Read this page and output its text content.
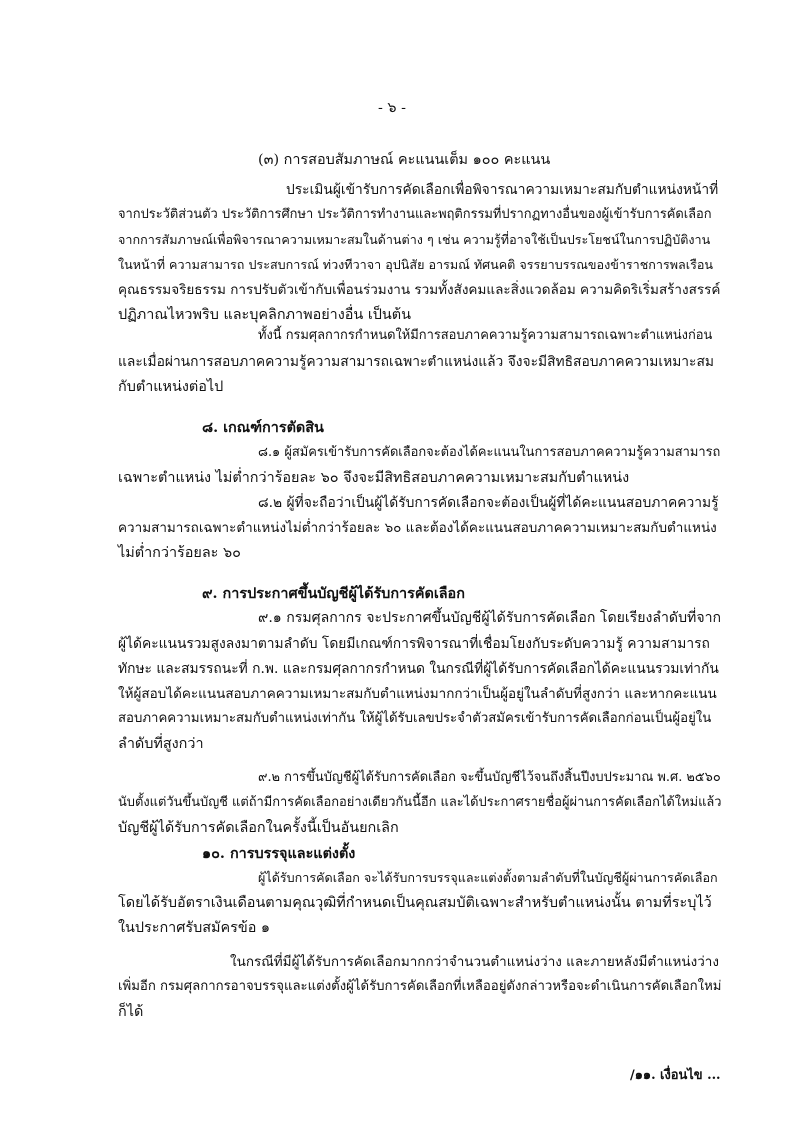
- ๖ -
(๓) การสอบสัมภาษณ์ คะแนนเต็ม ๑๐๐ คะแนน
ประเมินผู้เข้ารับการคัดเลือกเพื่อพิจารณาความเหมาะสมกับตำแหน่งหน้าที่
จากประวัติส่วนตัว ประวัติการศึกษา ประวัติการทำงานและพฤติกรรมที่ปรากฏทางอื่นของผู้เข้ารับการคัดเลือก
จากการสัมภาษณ์เพื่อพิจารณาความเหมาะสมในด้านต่าง ๆ เช่น ความรู้ที่อาจใช้เป็นประโยชน์ในการปฏิบัติงาน
ในหน้าที่ ความสามารถ ประสบการณ์ ท่วงทีวาจา อุปนิสัย อารมณ์ ทัศนคติ จรรยาบรรณของข้าราชการพลเรือน
คุณธรรมจริยธรรม การปรับตัวเข้ากับเพื่อนร่วมงาน รวมทั้งสังคมและสิ่งแวดล้อม ความคิดริเริ่มสร้างสรรค์
ปฏิภาณไหวพริบ และบุคลิกภาพอย่างอื่น เป็นต้น
ทั้งนี้ กรมศุลกากรกำหนดให้มีการสอบภาคความรู้ความสามารถเฉพาะตำแหน่งก่อน
และเมื่อผ่านการสอบภาคความรู้ความสามารถเฉพาะตำแหน่งแล้ว จึงจะมีสิทธิสอบภาคความเหมาะสม
กับตำแหน่งต่อไป
๘. เกณฑ์การตัดสิน
๘.๑ ผู้สมัครเข้ารับการคัดเลือกจะต้องได้คะแนนในการสอบภาคความรู้ความสามารถ
เฉพาะตำแหน่ง ไม่ต่ำกว่าร้อยละ ๖๐ จึงจะมีสิทธิสอบภาคความเหมาะสมกับตำแหน่ง
๘.๒ ผู้ที่จะถือว่าเป็นผู้ได้รับการคัดเลือกจะต้องเป็นผู้ที่ได้คะแนนสอบภาคความรู้
ความสามารถเฉพาะตำแหน่งไม่ต่ำกว่าร้อยละ ๖๐ และต้องได้คะแนนสอบภาคความเหมาะสมกับตำแหน่ง
ไม่ต่ำกว่าร้อยละ ๖๐
๙. การประกาศขึ้นบัญชีผู้ได้รับการคัดเลือก
๙.๑ กรมศุลกากร จะประกาศขึ้นบัญชีผู้ได้รับการคัดเลือก โดยเรียงลำดับที่จาก
ผู้ได้คะแนนรวมสูงลงมาตามลำดับ โดยมีเกณฑ์การพิจารณาที่เชื่อมโยงกับระดับความรู้ ความสามารถ
ทักษะ และสมรรถนะที่ ก.พ. และกรมศุลกากรกำหนด ในกรณีที่ผู้ได้รับการคัดเลือกได้คะแนนรวมเท่ากัน
ให้ผู้สอบได้คะแนนสอบภาคความเหมาะสมกับตำแหน่งมากกว่าเป็นผู้อยู่ในลำดับที่สูงกว่า และหากคะแนน
สอบภาคความเหมาะสมกับตำแหน่งเท่ากัน ให้ผู้ได้รับเลขประจำตัวสมัครเข้ารับการคัดเลือกก่อนเป็นผู้อยู่ใน
ลำดับที่สูงกว่า
๙.๒ การขึ้นบัญชีผู้ได้รับการคัดเลือก จะขึ้นบัญชีไว้จนถึงสิ้นปีงบประมาณ พ.ศ. ๒๕๖๐
นับตั้งแต่วันขึ้นบัญชี แต่ถ้ามีการคัดเลือกอย่างเดียวกันนี้อีก และได้ประกาศรายชื่อผู้ผ่านการคัดเลือกได้ใหม่แล้ว
บัญชีผู้ได้รับการคัดเลือกในครั้งนี้เป็นอันยกเลิก
๑๐. การบรรจุและแต่งตั้ง
ผู้ได้รับการคัดเลือก จะได้รับการบรรจุและแต่งตั้งตามลำดับที่ในบัญชีผู้ผ่านการคัดเลือก
โดยได้รับอัตราเงินเดือนตามคุณวุฒิที่กำหนดเป็นคุณสมบัติเฉพาะสำหรับตำแหน่งนั้น ตามที่ระบุไว้
ในประกาศรับสมัครข้อ ๑
ในกรณีที่มีผู้ได้รับการคัดเลือกมากกว่าจำนวนตำแหน่งว่าง และภายหลังมีตำแหน่งว่าง
เพิ่มอีก กรมศุลกากรอาจบรรจุและแต่งตั้งผู้ได้รับการคัดเลือกที่เหลืออยู่ดังกล่าวหรือจะดำเนินการคัดเลือกใหม่
ก็ได้
/๑๑. เงื่อนไข ...
